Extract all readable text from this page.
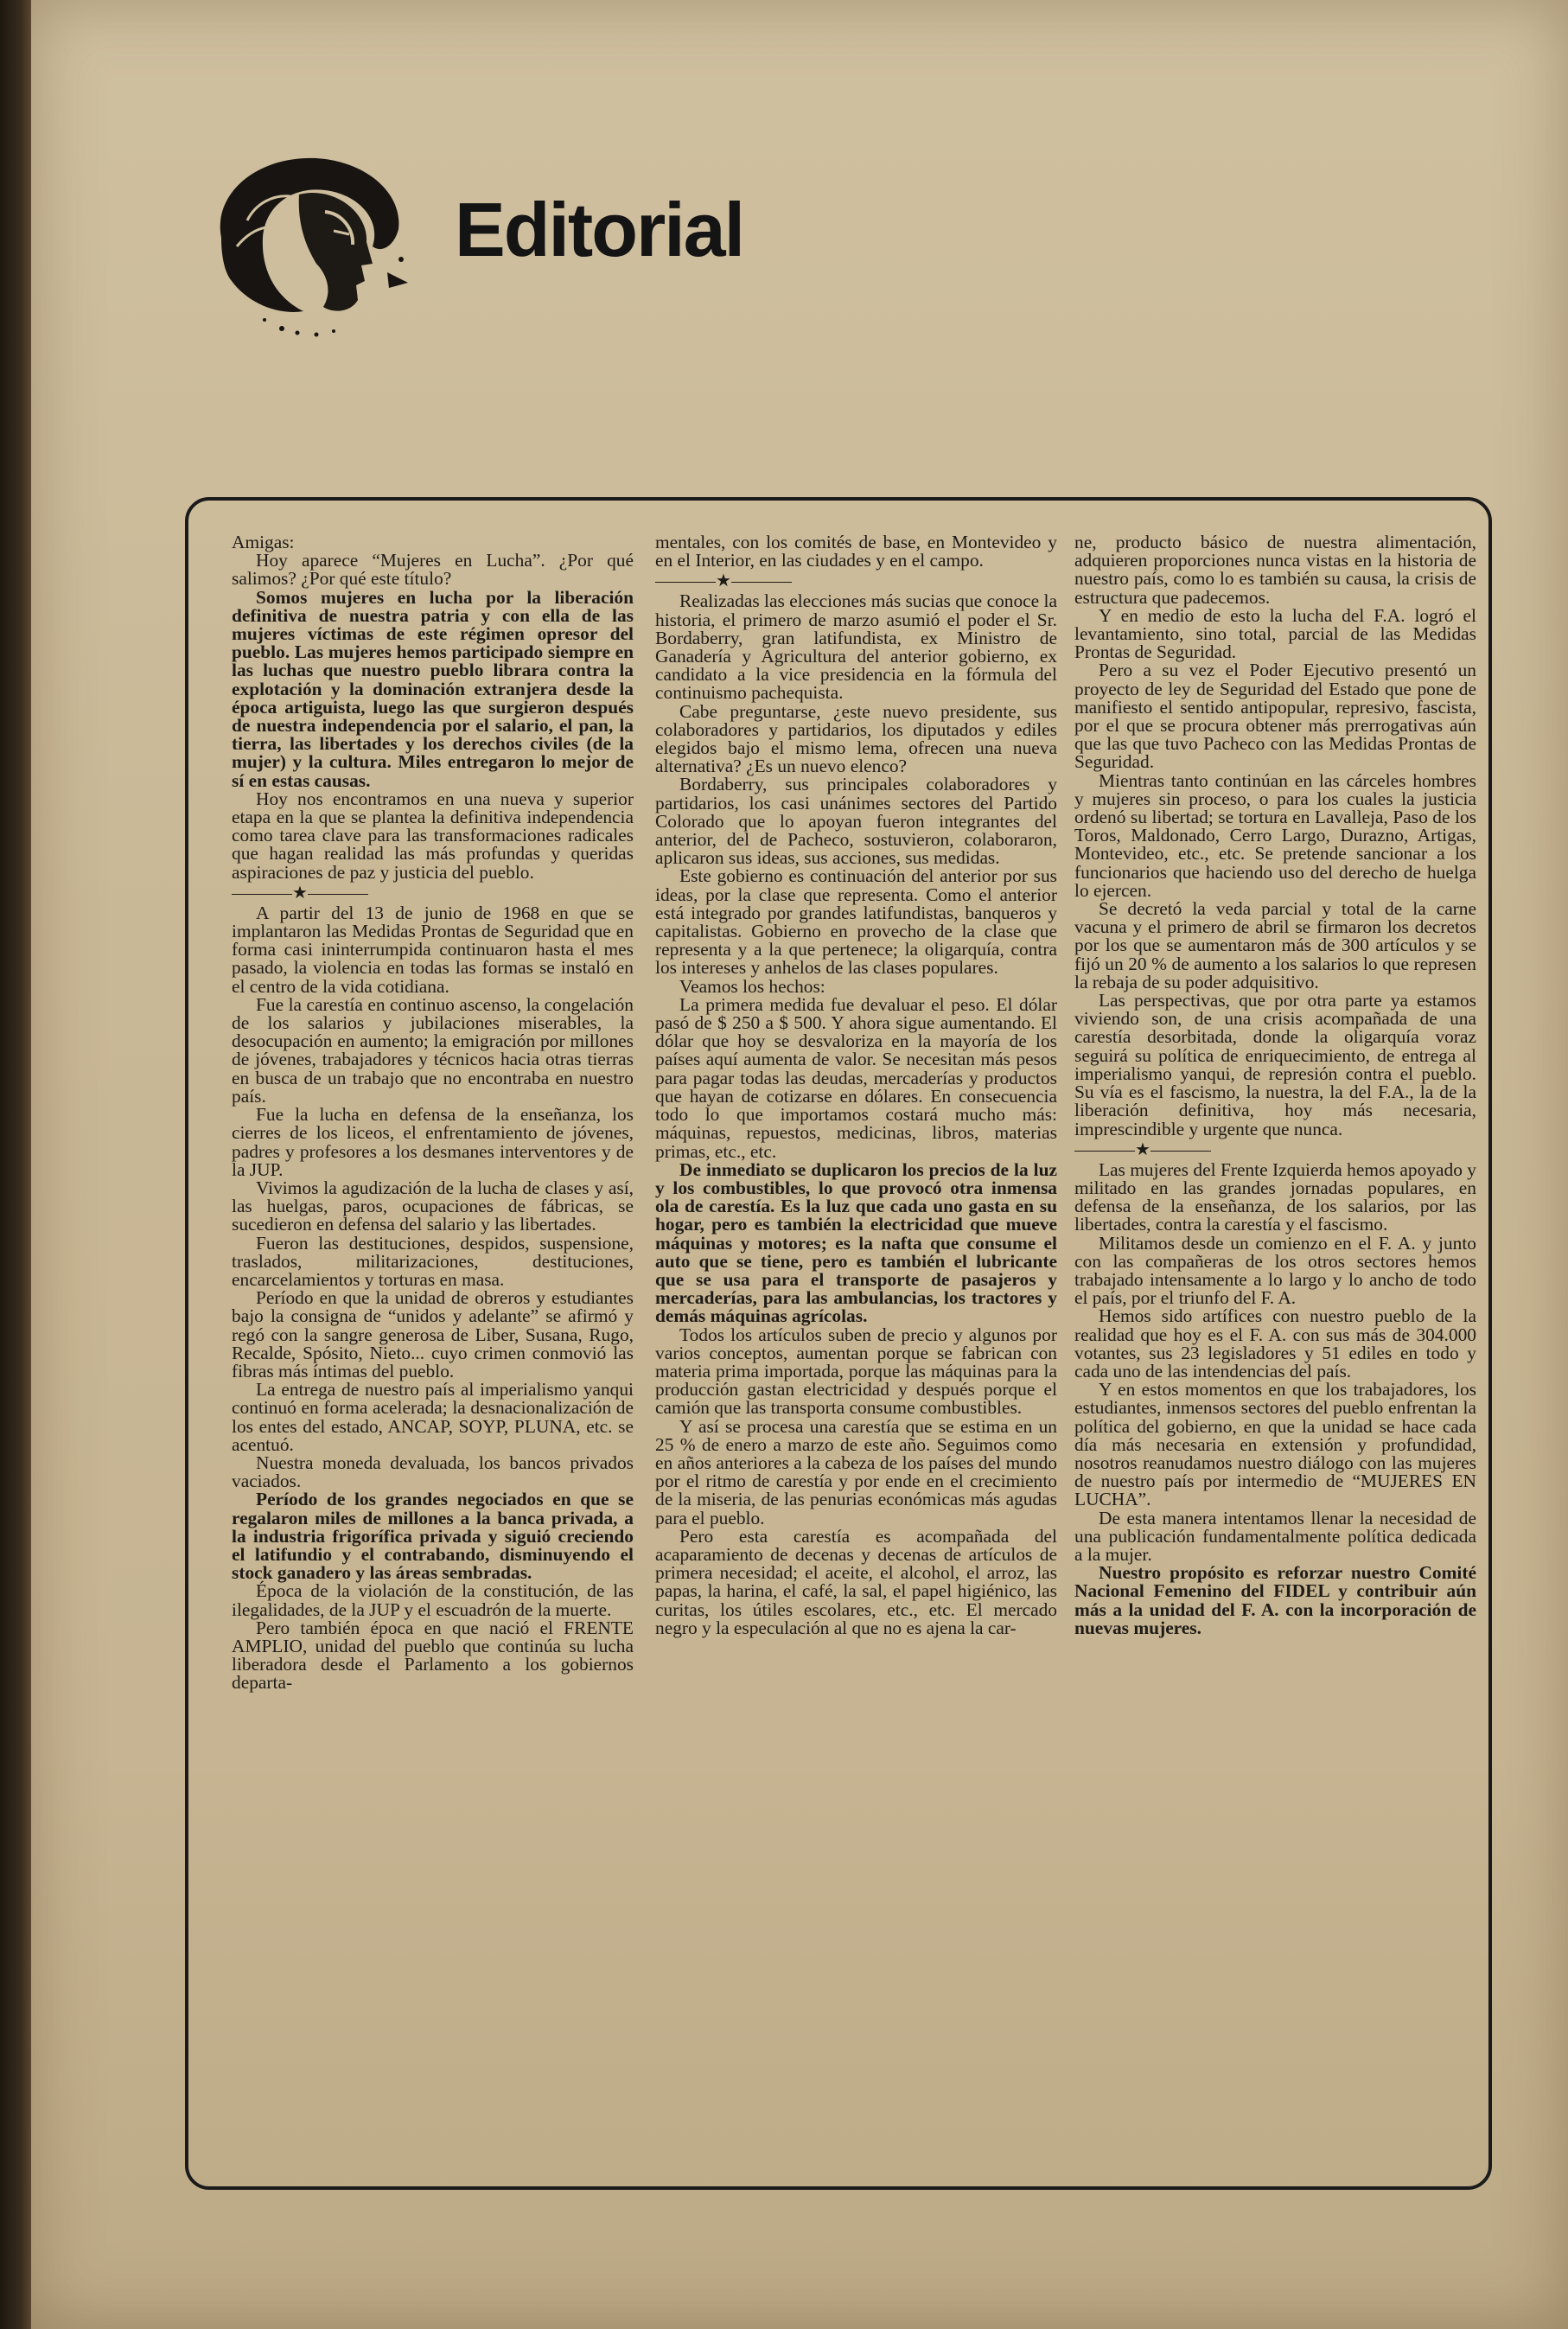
Editorial

Amigas:

Hoy aparece “Mujeres en Lucha”. ¿Por qué salimos? ¿Por qué este título?

Somos mujeres en lucha por la liberación definitiva de nuestra patria y con ella de las mujeres víctimas de este régimen opresor del pueblo. Las mujeres hemos participado siempre en las luchas que nuestro pueblo librara contra la explotación y la dominación extranjera desde la época artiguista, luego las que surgieron después de nuestra independencia por el salario, el pan, la tierra, las libertades y los derechos civiles (de la mujer) y la cultura. Miles entregaron lo mejor de sí en estas causas.

Hoy nos encontramos en una nueva y superior etapa en la que se plantea la definitiva independencia como tarea clave para las transformaciones radicales que hagan realidad las más profundas y queridas aspiraciones de paz y justicia del pueblo.

★

A partir del 13 de junio de 1968 en que se implantaron las Medidas Prontas de Seguridad que en forma casi ininterrumpida continuaron hasta el mes pasado, la violencia en todas las formas se instaló en el centro de la vida cotidiana.

Fue la carestía en continuo ascenso, la congelación de los salarios y jubilaciones miserables, la desocupación en aumento; la emigración por millones de jóvenes, trabajadores y técnicos hacia otras tierras en busca de un trabajo que no encontraba en nuestro país.

Fue la lucha en defensa de la enseñanza, los cierres de los liceos, el enfrentamiento de jóvenes, padres y profesores a los desmanes interventores y de la JUP.

Vivimos la agudización de la lucha de clases y así, las huelgas, paros, ocupaciones de fábricas, se sucedieron en defensa del salario y las libertades.

Fueron las destituciones, despidos, suspensione, traslados, militarizaciones, destituciones, encarcelamientos y torturas en masa.

Período en que la unidad de obreros y estudiantes bajo la consigna de “unidos y adelante” se afirmó y regó con la sangre generosa de Liber, Susana, Rugo, Recalde, Spósito, Nieto... cuyo crimen conmovió las fibras más íntimas del pueblo.

La entrega de nuestro país al imperialismo yanqui continuó en forma acelerada; la desnacionalización de los entes del estado, ANCAP, SOYP, PLUNA, etc. se acentuó.

Nuestra moneda devaluada, los bancos privados vaciados.

Período de los grandes negociados en que se regalaron miles de millones a la banca privada, a la industria frigorífica privada y siguió creciendo el latifundio y el contrabando, disminuyendo el stock ganadero y las áreas sembradas.

Época de la violación de la constitución, de las ilegalidades, de la JUP y el escuadrón de la muerte.

Pero también época en que nació el FRENTE AMPLIO, unidad del pueblo que continúa su lucha liberadora desde el Parlamento a los gobiernos departa-

mentales, con los comités de base, en Montevideo y en el Interior, en las ciudades y en el campo.

★

Realizadas las elecciones más sucias que conoce la historia, el primero de marzo asumió el poder el Sr. Bordaberry, gran latifundista, ex Ministro de Ganadería y Agricultura del anterior gobierno, ex candidato a la vice presidencia en la fórmula del continuismo pachequista.

Cabe preguntarse, ¿este nuevo presidente, sus colaboradores y partidarios, los diputados y ediles elegidos bajo el mismo lema, ofrecen una nueva alternativa? ¿Es un nuevo elenco?

Bordaberry, sus principales colaboradores y partidarios, los casi unánimes sectores del Partido Colorado que lo apoyan fueron integrantes del anterior, del de Pacheco, sostuvieron, colaboraron, aplicaron sus ideas, sus acciones, sus medidas.

Este gobierno es continuación del anterior por sus ideas, por la clase que representa. Como el anterior está integrado por grandes latifundistas, banqueros y capitalistas. Gobierno en provecho de la clase que representa y a la que pertenece; la oligarquía, contra los intereses y anhelos de las clases populares.

Veamos los hechos:

La primera medida fue devaluar el peso. El dólar pasó de $ 250 a $ 500. Y ahora sigue aumentando. El dólar que hoy se desvaloriza en la mayoría de los países aquí aumenta de valor. Se necesitan más pesos para pagar todas las deudas, mercaderías y productos que hayan de cotizarse en dólares. En consecuencia todo lo que importamos costará mucho más: máquinas, repuestos, medicinas, libros, materias primas, etc., etc.

De inmediato se duplicaron los precios de la luz y los combustibles, lo que provocó otra inmensa ola de carestía. Es la luz que cada uno gasta en su hogar, pero es también la electricidad que mueve máquinas y motores; es la nafta que consume el auto que se tiene, pero es también el lubricante que se usa para el transporte de pasajeros y mercaderías, para las ambulancias, los tractores y demás máquinas agrícolas.

Todos los artículos suben de precio y algunos por varios conceptos, aumentan porque se fabrican con materia prima importada, porque las máquinas para la producción gastan electricidad y después porque el camión que las transporta consume combustibles.

Y así se procesa una carestía que se estima en un 25 % de enero a marzo de este año. Seguimos como en años anteriores a la cabeza de los países del mundo por el ritmo de carestía y por ende en el crecimiento de la miseria, de las penurias económicas más agudas para el pueblo.

Pero esta carestía es acompañada del acaparamiento de decenas y decenas de artículos de primera necesidad; el aceite, el alcohol, el arroz, las papas, la harina, el café, la sal, el papel higiénico, las curitas, los útiles escolares, etc., etc. El mercado negro y la especulación al que no es ajena la car-

ne, producto básico de nuestra alimentación, adquieren proporciones nunca vistas en la historia de nuestro país, como lo es también su causa, la crisis de estructura que padecemos.

Y en medio de esto la lucha del F.A. logró el levantamiento, sino total, parcial de las Medidas Prontas de Seguridad.

Pero a su vez el Poder Ejecutivo presentó un proyecto de ley de Seguridad del Estado que pone de manifiesto el sentido antipopular, represivo, fascista, por el que se procura obtener más prerrogativas aún que las que tuvo Pacheco con las Medidas Prontas de Seguridad.

Mientras tanto continúan en las cárceles hombres y mujeres sin proceso, o para los cuales la justicia ordenó su libertad; se tortura en Lavalleja, Paso de los Toros, Maldonado, Cerro Largo, Durazno, Artigas, Montevideo, etc., etc. Se pretende sancionar a los funcionarios que haciendo uso del derecho de huelga lo ejercen.

Se decretó la veda parcial y total de la carne vacuna y el primero de abril se firmaron los decretos por los que se aumentaron más de 300 artículos y se fijó un 20 % de aumento a los salarios lo que represen la rebaja de su poder adquisitivo.

Las perspectivas, que por otra parte ya estamos viviendo son, de una crisis acompañada de una carestía desorbitada, donde la oligarquía voraz seguirá su política de enriquecimiento, de entrega al imperialismo yanqui, de represión contra el pueblo. Su vía es el fascismo, la nuestra, la del F.A., la de la liberación definitiva, hoy más necesaria, imprescindible y urgente que nunca.

★

Las mujeres del Frente Izquierda hemos apoyado y militado en las grandes jornadas populares, en defensa de la enseñanza, de los salarios, por las libertades, contra la carestía y el fascismo.

Militamos desde un comienzo en el F. A. y junto con las compañeras de los otros sectores hemos trabajado intensamente a lo largo y lo ancho de todo el país, por el triunfo del F. A.

Hemos sido artífices con nuestro pueblo de la realidad que hoy es el F. A. con sus más de 304.000 votantes, sus 23 legisladores y 51 ediles en todo y cada uno de las intendencias del país.

Y en estos momentos en que los trabajadores, los estudiantes, inmensos sectores del pueblo enfrentan la política del gobierno, en que la unidad se hace cada día más necesaria en extensión y profundidad, nosotros reanudamos nuestro diálogo con las mujeres de nuestro país por intermedio de “MUJERES EN LUCHA”.

De esta manera intentamos llenar la necesidad de una publicación fundamentalmente política dedicada a la mujer.

Nuestro propósito es reforzar nuestro Comité Nacional Femenino del FIDEL y contribuir aún más a la unidad del F. A. con la incorporación de nuevas mujeres.
